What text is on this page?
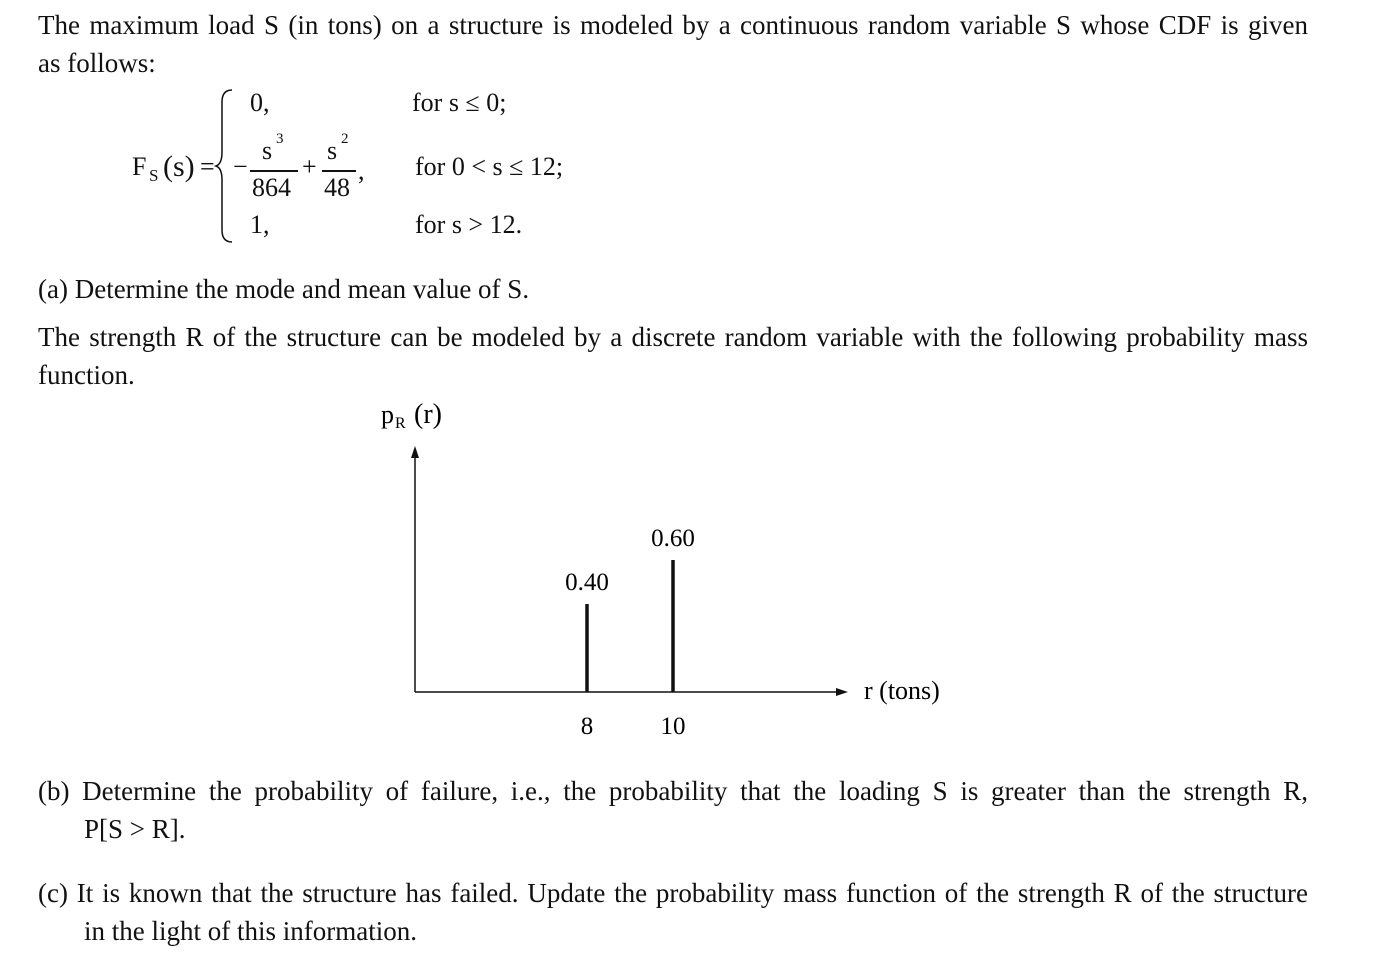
The maximum load S (in tons) on a structure is modeled by a continuous random variable S whose CDF is given
as follows:
F S (s) =
0,	for s ≤ 0;
−
s 3
864
+
s 2
48
, for 0 < s ≤ 12;
1,	for s > 12.
(a) Determine the mode and mean value of S.
The strength R of the structure can be modeled by a discrete random variable with the following probability mass
function.
p R (r)
r (tons)
0.40
8
0.60
10
(b) Determine the probability of failure, i.e., the probability that the loading S is greater than the strength R,
P[S > R].
(c) It is known that the structure has failed. Update the probability mass function of the strength R of the structure
in the light of this information.
